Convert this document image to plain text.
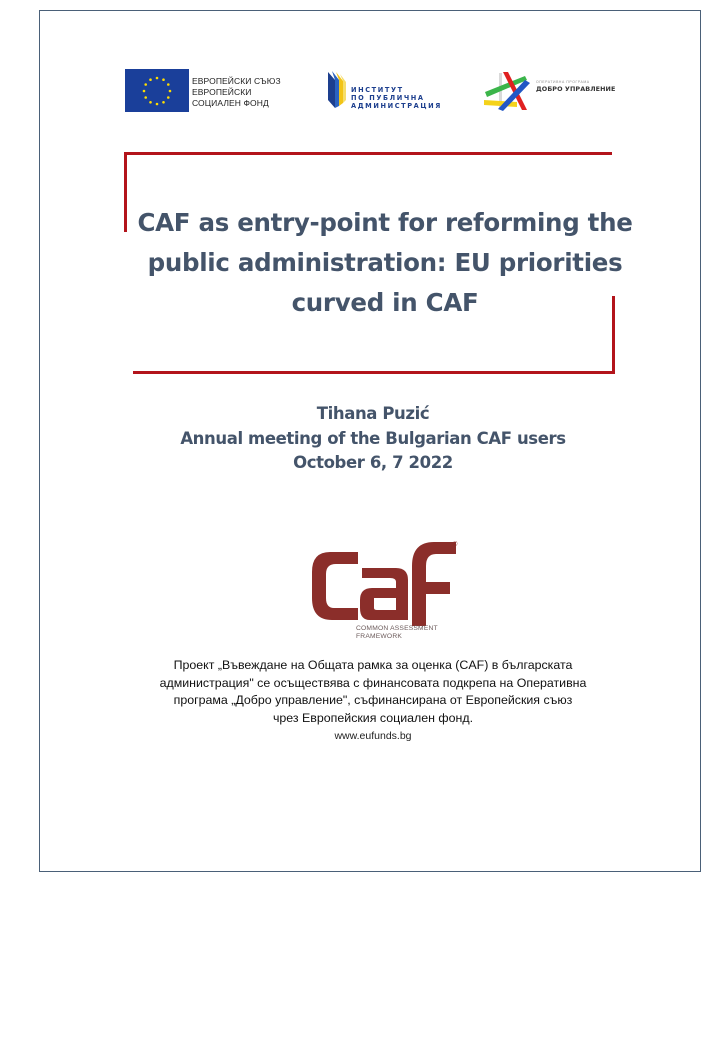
ЕВРОПЕЙСКИ СЪЮЗ
ЕВРОПЕЙСКИ
СОЦИАЛЕН ФОНД
ИНСТИТУТ
ПО ПУБЛИЧНА
АДМИНИСТРАЦИЯ
ОПЕРАТИВНА ПРОГРАМА
ДОБРО УПРАВЛЕНИЕ
CAF as entry-point for reforming the
public administration: EU priorities
curved in CAF
Tihana Puzić
Annual meeting of the Bulgarian CAF users
October 6, 7 2022
©
COMMON ASSESSMENT
FRAMEWORK
Проект „Въвеждане на Общата рамка за оценка (CAF) в българската
администрация" се осъществява с финансовата подкрепа на Оперативна
програма „Добро управление", съфинансирана от Европейския съюз
чрез Европейския социален фонд.
www.eufunds.bg
